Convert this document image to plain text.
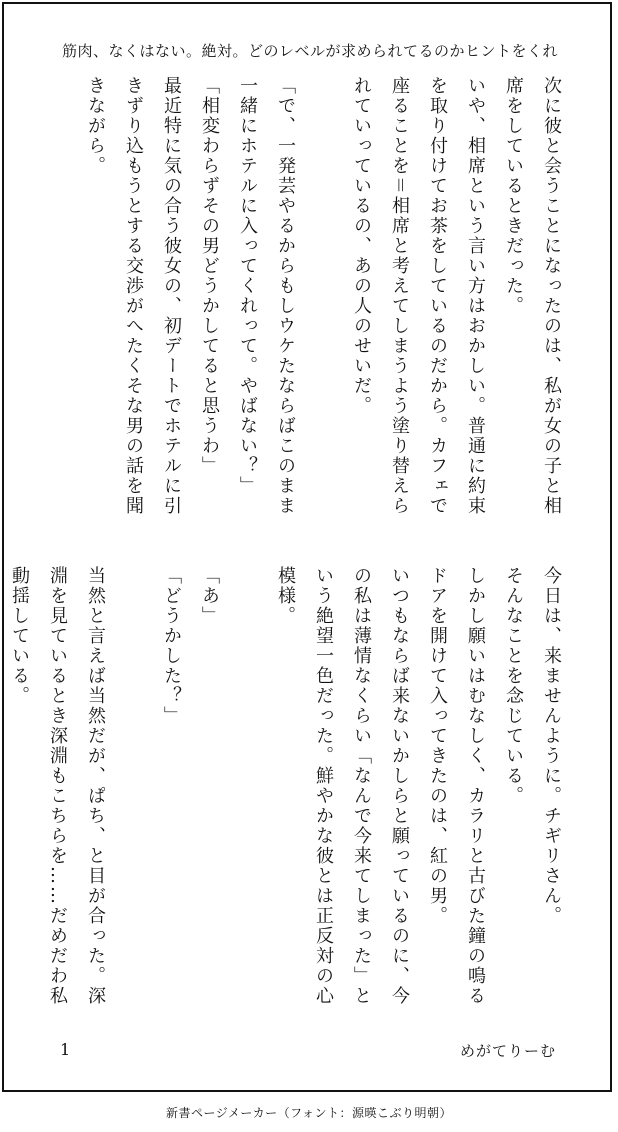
筋肉、なくはない。絶対。どのレベルが求められてるのかヒントをくれ

次に彼と会うことになったのは、私が女の子と相席をしているときだった。

いや、相席という言い方はおかしい。普通に約束を取り付けてお茶をしているのだから。カフェで座ることを＝相席と考えてしまうよう塗り替えられていっているの、あの人のせいだ。

「で、一発芸やるからもしウケたならばこのまま一緒にホテルに入ってくれって。やばない？」

「相変わらずその男どうかしてると思うわ」

最近特に気の合う彼女の、初デートでホテルに引きずり込もうとする交渉がへたくそな男の話を聞きながら。

今日は、来ませんように。チギリさん。

そんなことを念じている。

しかし願いはむなしく、カラリと古びた鐘の鳴るドアを開けて入ってきたのは、紅の男。

いつもならば来ないかしらと願っているのに、今の私は薄情なくらい「なんで今来てしまった」という絶望一色だった。鮮やかな彼とは正反対の心模様。

「あ」

「どうかした？」

当然と言えば当然だが、ぱち、と目が合った。深淵を見ているとき深淵もこちらを……だめだわ私動揺している。

1	めがてりーむ
新書ページメーカー（フォント：源暎こぶり明朝）
